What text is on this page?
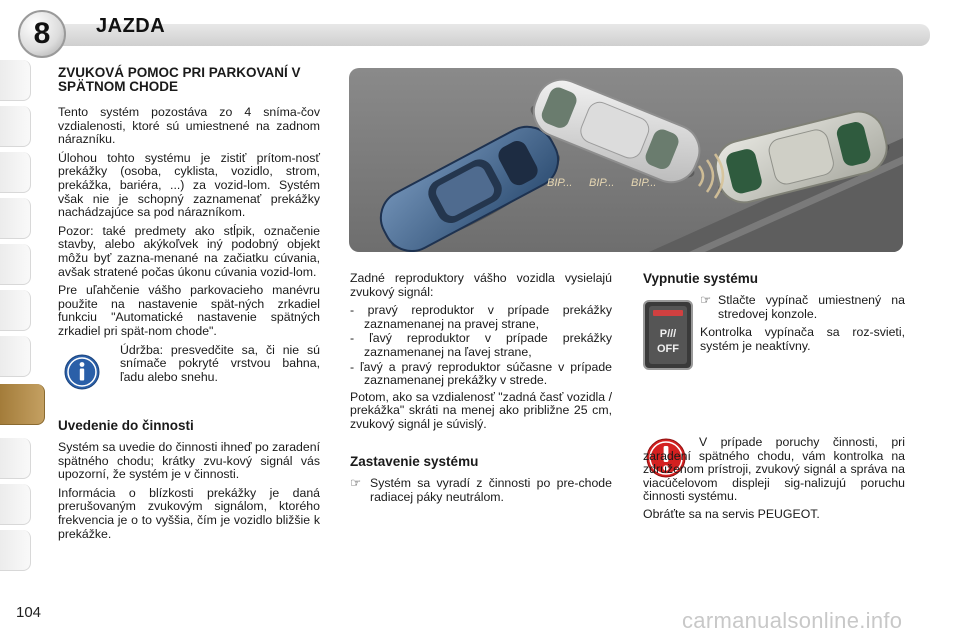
8	JAZDA
ZVUKOVÁ POMOC PRI PARKOVANÍ V SPÄTNOM CHODE

Tento systém pozostáva zo 4 sníma-čov vzdialenosti, ktoré sú umiestnené na zadnom nárazníku.

Úlohou tohto systému je zistiť prítom-nosť prekážky (osoba, cyklista, vozidlo, strom, prekážka, bariéra, ...) za vozid-lom. Systém však nie je schopný zaznamenať prekážky nachádzajúce sa pod nárazníkom.

Pozor: také predmety ako stĺpik, označenie stavby, alebo akýkoľvek iný podobný objekt môžu byť zazna-menané na začiatku cúvania, avšak stratené počas úkonu cúvania vozid-lom.

Pre uľahčenie vášho parkovacieho manévru použite na nastavenie spät-ných zrkadiel funkciu "Automatické nastavenie spätných zrkadiel pri spät-nom chode".

Údržba: presvedčite sa, či nie sú snímače pokryté vrstvou bahna, ľadu alebo snehu.

Uvedenie do činnosti

Systém sa uvedie do činnosti ihneď po zaradení spätného chodu; krátky zvu-kový signál vás upozorní, že systém je v činnosti.

Informácia o blízkosti prekážky je daná prerušovaným zvukovým signálom, ktorého frekvencia je o to vyššia, čím je vozidlo bližšie k prekážke.

BIP... BIP... BIP...

Zadné reproduktory vášho vozidla vysielajú zvukový signál:

- pravý reproduktor v prípade prekážky zaznamenanej na pravej strane,
- ľavý reproduktor v prípade prekážky zaznamenanej na ľavej strane,
- ľavý a pravý reproduktor súčasne v prípade zaznamenanej prekážky v strede.

Potom, ako sa vzdialenosť "zadná časť vozidla / prekážka" skráti na menej ako približne 25 cm, zvukový signál je súvislý.

Zastavenie systému

☞ Systém sa vyradí z činnosti po pre-chode radiacej páky neutrálom.

Vypnutie systému
P///
OFF

☞ Stlačte vypínač umiestnený na stredovej konzole.

Kontrolka vypínača sa roz-svieti, systém je neaktívny.

V prípade poruchy činnosti, pri zaradení spätného chodu, vám kontrolka na združenom prístroji, zvukový signál a správa na viacúčelovom displeji sig-nalizujú poruchu činnosti systému.

Obráťte sa na servis PEUGEOT.

104	carmanualsonline.info
